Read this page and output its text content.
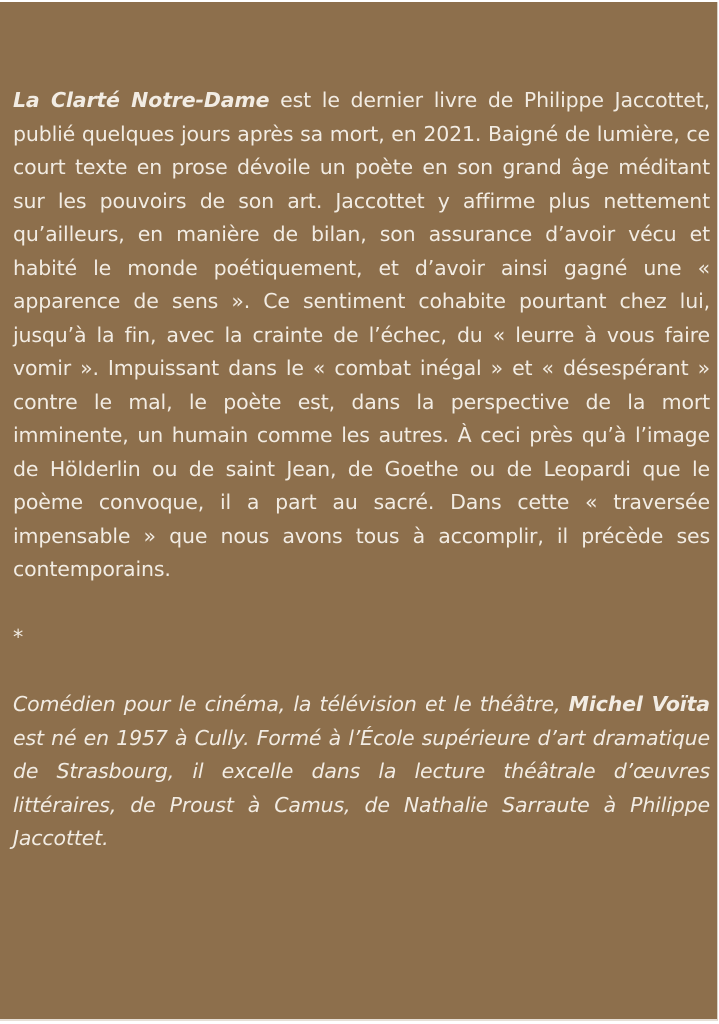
La Clarté Notre-Dame est le dernier livre de Philippe Jaccottet, publié quelques jours après sa mort, en 2021. Baigné de lumière, ce court texte en prose dévoile un poète en son grand âge méditant sur les pouvoirs de son art. Jaccottet y affirme plus nettement qu’ailleurs, en manière de bilan, son assurance d’avoir vécu et habité le monde poétiquement, et d’avoir ainsi gagné une « apparence de sens ». Ce sentiment cohabite pourtant chez lui, jusqu’à la fin, avec la crainte de l’échec, du « leurre à vous faire vomir ». Impuissant dans le « combat inégal » et « désespérant » contre le mal, le poète est, dans la perspective de la mort imminente, un humain comme les autres. À ceci près qu’à l’image de Hölderlin ou de saint Jean, de Goethe ou de Leopardi que le poème convoque, il a part au sacré. Dans cette « traversée impensable » que nous avons tous à accomplir, il précède ses contemporains.

*

Comédien pour le cinéma, la télévision et le théâtre, Michel Voïta est né en 1957 à Cully. Formé à l’École supérieure d’art dramatique de Strasbourg, il excelle dans la lecture théâtrale d’œuvres littéraires, de Proust à Camus, de Nathalie Sarraute à Philippe Jaccottet.
